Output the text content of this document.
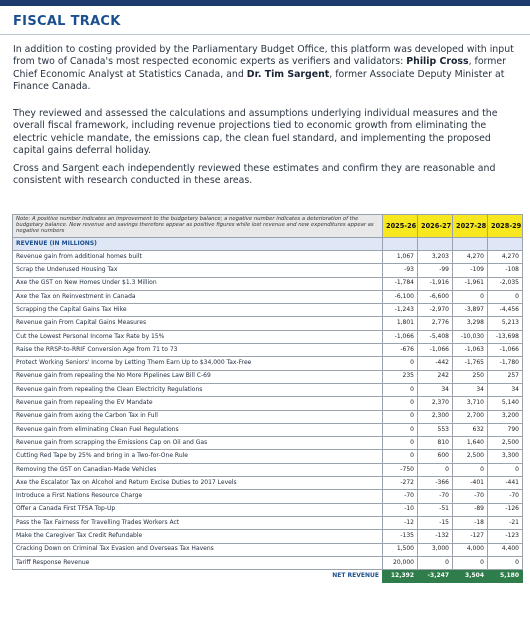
FISCAL TRACK

In addition to costing provided by the Parliamentary Budget Office, this platform was developed with input from two of Canada's most respected economic experts as verifiers and validators: Philip Cross, former Chief Economic Analyst at Statistics Canada, and Dr. Tim Sargent, former Associate Deputy Minister at Finance Canada.

They reviewed and assessed the calculations and assumptions underlying individual measures and the overall fiscal framework, including revenue projections tied to economic growth from eliminating the electric vehicle mandate, the emissions cap, the clean fuel standard, and implementing the proposed capital gains deferral holiday.

Cross and Sargent each independently reviewed these estimates and confirm they are reasonable and consistent with research conducted in these areas.

Note: A positive number indicates an improvement to the budgetary balance; a negative number indicates a deterioration of the budgetary balance. New revenue and savings therefore appear as positive figures while lost revenue and new expenditures appear as negative numbers	2025-26	2026-27	2027-28	2028-29
REVENUE (IN MILLIONS)				
Revenue gain from additional homes built	1,067	3,203	4,270	4,270
Scrap the Underused Housing Tax	-93	-99	-109	-108
Axe the GST on New Homes Under $1.3 Million	-1,784	-1,916	-1,961	-2,035
Axe the Tax on Reinvestment in Canada	-6,100	-6,600	0	0
Scrapping the Capital Gains Tax Hike	-1,243	-2,970	-3,897	-4,456
Revenue gain From Capital Gains Measures	1,801	2,776	3,298	5,213
Cut the Lowest Personal Income Tax Rate by 15%	-1,066	-5,408	-10,030	-13,698
Raise the RRSP-to-RRIF Conversion Age from 71 to 73	-676	-1,066	-1,063	-1,066
Protect Working Seniors' Income by Letting Them Earn Up to $34,000 Tax-Free	0	-442	-1,765	-1,780
Revenue gain from repealing the No More Pipelines Law Bill C-69	235	242	250	257
Revenue gain from repealing the Clean Electricity Regulations	0	34	34	34
Revenue gain from repealing the EV Mandate	0	2,370	3,710	5,140
Revenue gain from axing the Carbon Tax in Full	0	2,300	2,700	3,200
Revenue gain from eliminating Clean Fuel Regulations	0	553	632	790
Revenue gain from scrapping the Emissions Cap on Oil and Gas	0	810	1,640	2,500
Cutting Red Tape by 25% and bring in a Two-for-One Rule	0	600	2,500	3,300
Removing the GST on Canadian-Made Vehicles	-750	0	0	0
Axe the Escalator Tax on Alcohol and Return Excise Duties to 2017 Levels	-272	-366	-401	-441
Introduce a First Nations Resource Charge	-70	-70	-70	-70
Offer a Canada First TFSA Top-Up	-10	-51	-89	-126
Pass the Tax Fairness for Travelling Trades Workers Act	-12	-15	-18	-21
Make the Caregiver Tax Credit Refundable	-135	-132	-127	-123
Cracking Down on Criminal Tax Evasion and Overseas Tax Havens	1,500	3,000	4,000	4,400
Tariff Response Revenue	20,000	0	0	0
NET REVENUE	12,392	-3,247	3,504	5,180
